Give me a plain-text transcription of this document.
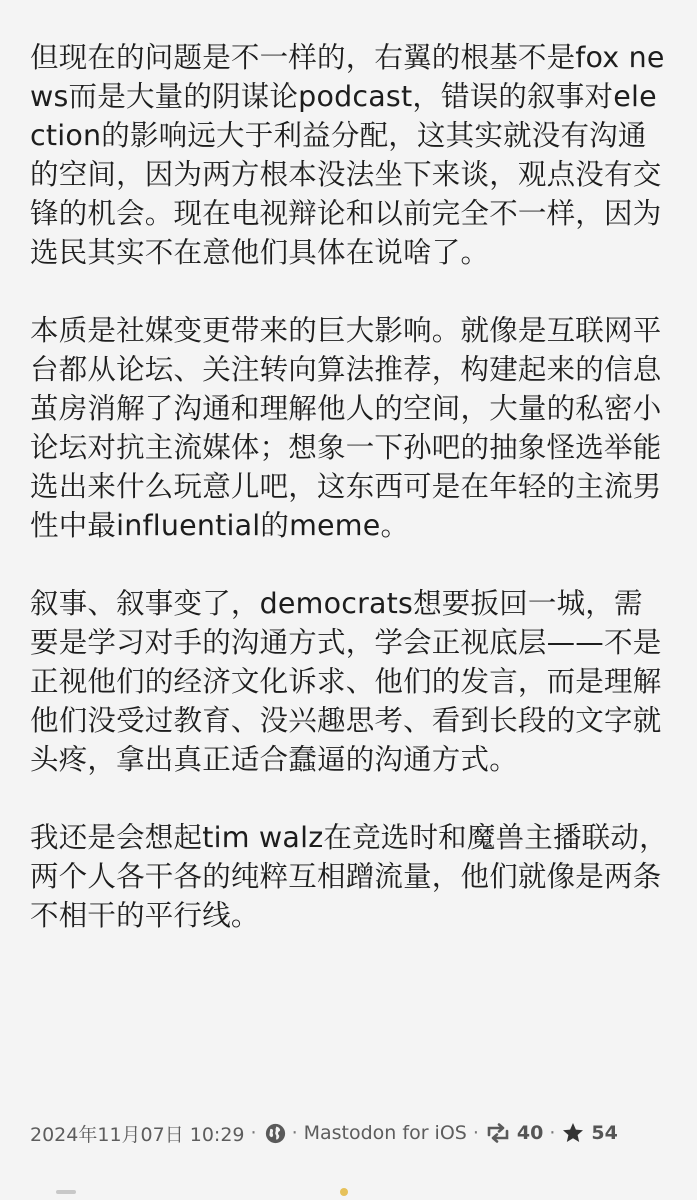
但现在的问题是不一样的，右翼的根基不是fox news而是大量的阴谋论podcast，错误的叙事对election的影响远大于利益分配，这其实就没有沟通的空间，因为两方根本没法坐下来谈，观点没有交锋的机会。现在电视辩论和以前完全不一样，因为选民其实不在意他们具体在说啥了。

本质是社媒变更带来的巨大影响。就像是互联网平台都从论坛、关注转向算法推荐，构建起来的信息茧房消解了沟通和理解他人的空间，大量的私密小论坛对抗主流媒体；想象一下孙吧的抽象怪选举能选出来什么玩意儿吧，这东西可是在年轻的主流男性中最influential的meme。

叙事、叙事变了，democrats想要扳回一城，需要是学习对手的沟通方式，学会正视底层——不是正视他们的经济文化诉求、他们的发言，而是理解他们没受过教育、没兴趣思考、看到长段的文字就头疼，拿出真正适合蠢逼的沟通方式。

我还是会想起tim walz在竞选时和魔兽主播联动，两个人各干各的纯粹互相蹭流量，他们就像是两条不相干的平行线。

2024年11月07日 10:29 · · Mastodon for iOS · 40 · 54
